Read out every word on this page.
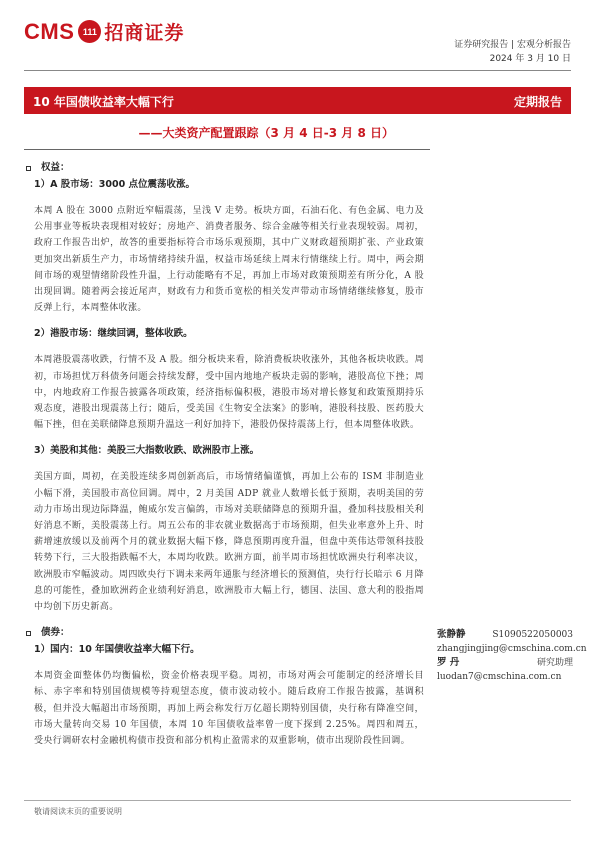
CMS 111 招商证券
证券研究报告 | 宏观分析报告
2024 年 3 月 10 日
10 年国债收益率大幅下行	定期报告
——大类资产配置跟踪（3 月 4 日-3 月 8 日）
权益：
1）A 股市场：3000 点位震荡收涨。

本周 A 股在 3000 点附近窄幅震荡，呈浅 V 走势。板块方面，石油石化、有色金属、电力及公用事业等板块表现相对较好；房地产、消费者服务、综合金融等相关行业表现较弱。周初，政府工作报告出炉，故答的重要指标符合市场乐观预期，其中广义财政超预期扩张、产业政策更加突出新质生产力，市场情绪持续升温，权益市场延续上周末行情继续上行。周中，两会期间市场的观望情绪阶段性升温，上行动能略有不足，再加上市场对政策预期差有所分化，A 股出现回调。随着两会接近尾声，财政有力和货币宽松的相关发声带动市场情绪继续修复，股市反弹上行，本周整体收涨。

2）港股市场：继续回调，整体收跌。

本周港股震荡收跌，行情不及 A 股。细分板块来看，除消费板块收涨外，其他各板块收跌。周初，市场担忧万科债务问题会持续发酵，受中国内地地产板块走弱的影响，港股高位下挫；周中，内地政府工作报告披露各项政策，经济指标偏积极，港股市场对增长修复和政策预期持乐观态度，港股出现震荡上行；随后，受美国《生物安全法案》的影响，港股科技股、医药股大幅下挫，但在美联储降息预期升温这一利好加持下，港股仍保持震荡上行，但本周整体收跌。

3）美股和其他：美股三大指数收跌、欧洲股市上涨。

美国方面，周初，在美股连续多周创新高后，市场情绪偏谨慎，再加上公布的 ISM 非制造业小幅下滑，美国股市高位回调。周中，2 月美国 ADP 就业人数增长低于预期，表明美国的劳动力市场出现边际降温，鲍威尔发言偏鸽，市场对美联储降息的预期升温，叠加科技股相关利好消息不断，美股震荡上行。周五公布的非农就业数据高于市场预期，但失业率意外上升、时薪增速放缓以及前两个月的就业数据大幅下修，降息预期再度升温，但盘中英伟达带领科技股转势下行，三大股指跌幅不大，本周均收跌。欧洲方面，前半周市场担忧欧洲央行利率决议，欧洲股市窄幅波动。周四欧央行下调未来两年通胀与经济增长的预测值，央行行长暗示 6 月降息的可能性，叠加欧洲药企业绩利好消息，欧洲股市大幅上行，德国、法国、意大利的股指周中均创下历史新高。

债券：
1）国内：10 年国债收益率大幅下行。

本周资金面整体仍均衡偏松，资金价格表现平稳。周初，市场对两会可能制定的经济增长目标、赤字率和特别国债规模等持观望态度，债市波动较小。随后政府工作报告披露，基调积极，但并没大幅超出市场预期，再加上两会称发行万亿超长期特别国债，央行称有降准空间，市场大量转向交易 10 年国债，本周 10 年国债收益率曾一度下探到 2.25%。周四和周五，受央行调研农村金融机构债市投资和部分机构止盈需求的双重影响，债市出现阶段性回调。

张静静	S1090522050003
zhangjingjing@cmschina.com.cn
罗 丹	研究助理
luodan7@cmschina.com.cn
敬请阅读末页的重要说明
